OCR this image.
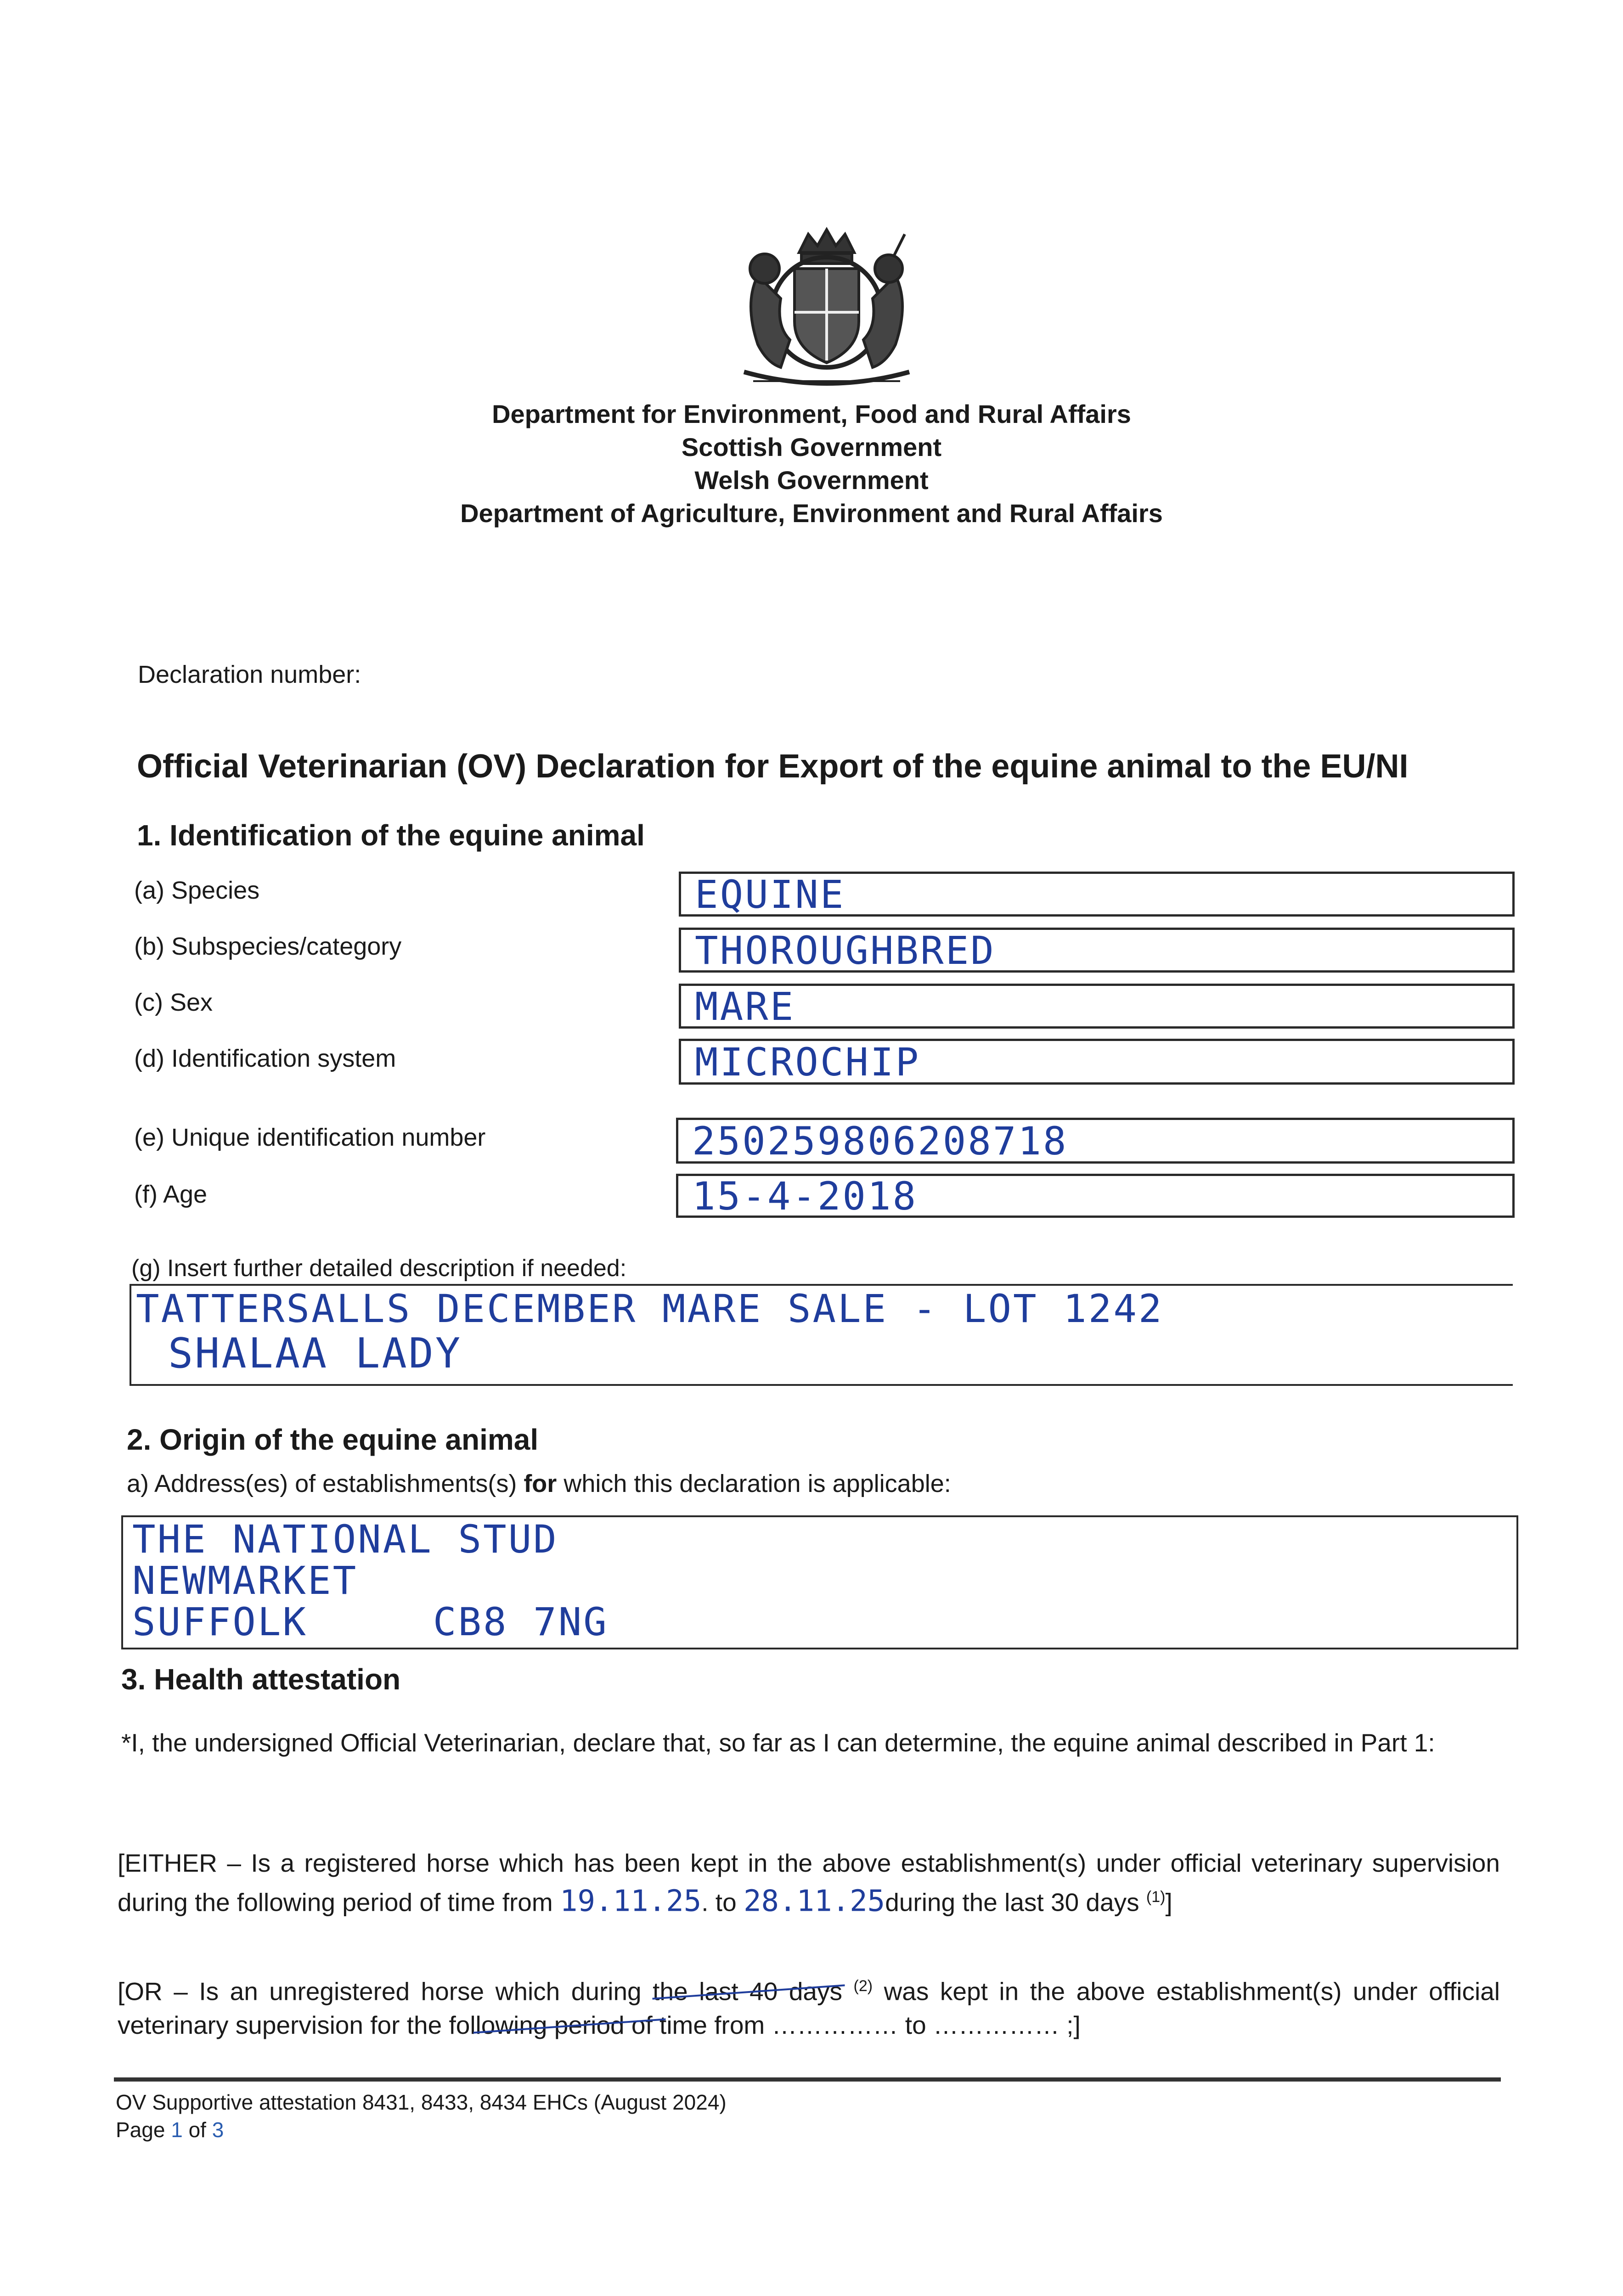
Department for Environment, Food and Rural Affairs
Scottish Government
Welsh Government
Department of Agriculture, Environment and Rural Affairs
Declaration number:
Official Veterinarian (OV) Declaration for Export of the equine animal to the EU/NI
1. Identification of the equine animal
(a) Species	EQUINE
(b) Subspecies/category	THOROUGHBRED
(c) Sex	MARE
(d) Identification system	MICROCHIP
(e) Unique identification number	250259806208718
(f) Age	15-4-2018
(g) Insert further detailed description if needed:
TATTERSALLS DECEMBER MARE SALE - LOT 1242
SHALAA LADY
2. Origin of the equine animal
a) Address(es) of establishments(s) for which this declaration is applicable:
THE NATIONAL STUD
NEWMARKET
SUFFOLK     CB8 7NG
3. Health attestation
*I, the undersigned Official Veterinarian, declare that, so far as I can determine, the equine animal described in Part 1:
[EITHER – Is a registered horse which has been kept in the above establishment(s) under official veterinary supervision during the following period of time from 19.11.25. to 28.11.25during the last 30 days $^{(1)}$]
[OR – Is an unregistered horse which during the last 40 days $^{(2)}$ was kept in the above establishment(s) under official veterinary supervision for the following period of time from …………… to …………… ;]
OV Supportive attestation 8431, 8433, 8434 EHCs (August 2024)
Page 1 of 3
